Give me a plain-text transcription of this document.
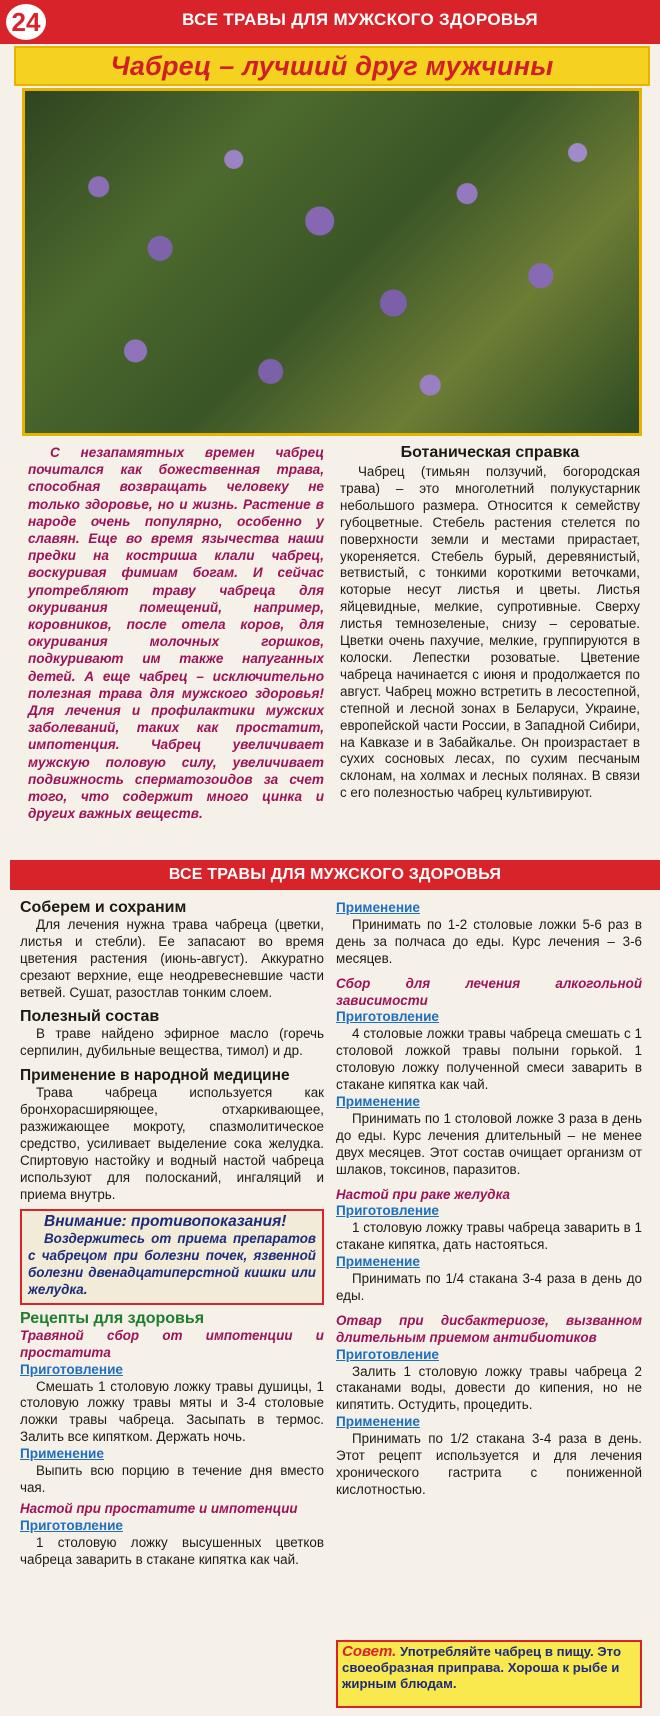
24	ВСЕ ТРАВЫ ДЛЯ МУЖСКОГО ЗДОРОВЬЯ
Чабрец – лучший друг мужчины

С незапамятных времен чабрец почитался как божественная трава, способная возвращать человеку не только здоровье, но и жизнь. Растение в народе очень популярно, особенно у славян. Еще во время язычества наши предки на костриша клали чабрец, воскуривая фимиам богам. И сейчас употребляют траву чабреца для окуривания помещений, например, коровников, после отела коров, для окуривания молочных горшков, подкуривают им также напуганных детей. А еще чабрец – исключительно полезная трава для мужского здоровья! Для лечения и профилактики мужских заболеваний, таких как простатит, импотенция. Чабрец увеличивает мужскую половую силу, увеличивает подвижность сперматозоидов за счет того, что содержит много цинка и других важных веществ.

Ботаническая справка

Чабрец (тимьян ползучий, богородская трава) – это многолетний полукустарник небольшого размера. Относится к семейству губоцветные. Стебель растения стелется по поверхности земли и местами прирастает, укореняется. Стебель бурый, деревянистый, ветвистый, с тонкими короткими веточками, которые несут листья и цветы. Листья яйцевидные, мелкие, супротивные. Сверху листья темнозеленые, снизу – сероватые. Цветки очень пахучие, мелкие, группируются в колоски. Лепестки розоватые. Цветение чабреца начинается с июня и продолжается по август. Чабрец можно встретить в лесостепной, степной и лесной зонах в Беларуси, Украине, европейской части России, в Западной Сибири, на Кавказе и в Забайкалье. Он произрастает в сухих сосновых лесах, по сухим песчаным склонам, на холмах и лесных полянах. В связи с его полезностью чабрец культивируют.

ВСЕ ТРАВЫ ДЛЯ МУЖСКОГО ЗДОРОВЬЯ

Соберем и сохраним

Для лечения нужна трава чабреца (цветки, листья и стебли). Ее запасают во время цветения растения (июнь-август). Аккуратно срезают верхние, еще неодревесневшие части ветвей. Сушат, разостлав тонким слоем.

Полезный состав

В траве найдено эфирное масло (горечь серпилин, дубильные вещества, тимол) и др.

Применение в народной медицине

Трава чабреца используется как бронхорасширяющее, отхаркивающее, разжижающее мокроту, спазмолитическое средство, усиливает выделение сока желудка. Спиртовую настойку и водный настой чабреца используют для полосканий, ингаляций и приема внутрь.

Внимание: противопоказания!

Воздержитесь от приема препаратов с чабрецом при болезни почек, язвенной болезни двенадцатиперстной кишки или желудка.

Рецепты для здоровья

Травяной сбор от импотенции и простатита

Приготовление

Смешать 1 столовую ложку травы душицы, 1 столовую ложку травы мяты и 3-4 столовые ложки травы чабреца. Засыпать в термос. Залить все кипятком. Держать ночь.

Применение

Выпить всю порцию в течение дня вместо чая.

Настой при простатите и импотенции

Приготовление

1 столовую ложку высушенных цветков чабреца заварить в стакане кипятка как чай.

Применение

Принимать по 1-2 столовые ложки 5-6 раз в день за полчаса до еды. Курс лечения – 3-6 месяцев.

Сбор для лечения алкогольной зависимости

Приготовление

4 столовые ложки травы чабреца смешать с 1 столовой ложкой травы полыни горькой. 1 столовую ложку полученной смеси заварить в стакане кипятка как чай.

Применение

Принимать по 1 столовой ложке 3 раза в день до еды. Курс лечения длительный – не менее двух месяцев. Этот состав очищает организм от шлаков, токсинов, паразитов.

Настой при раке желудка

Приготовление

1 столовую ложку травы чабреца заварить в 1 стакане кипятка, дать настояться.

Применение

Принимать по 1/4 стакана 3-4 раза в день до еды.

Отвар при дисбактериозе, вызванном длительным приемом антибиотиков

Приготовление

Залить 1 столовую ложку травы чабреца 2 стаканами воды, довести до кипения, но не кипятить. Остудить, процедить.

Применение

Принимать по 1/2 стакана 3-4 раза в день. Этот рецепт используется и для лечения хронического гастрита с пониженной кислотностью.

Совет. Употребляйте чабрец в пищу. Это своеобразная приправа. Хороша к рыбе и жирным блюдам.
